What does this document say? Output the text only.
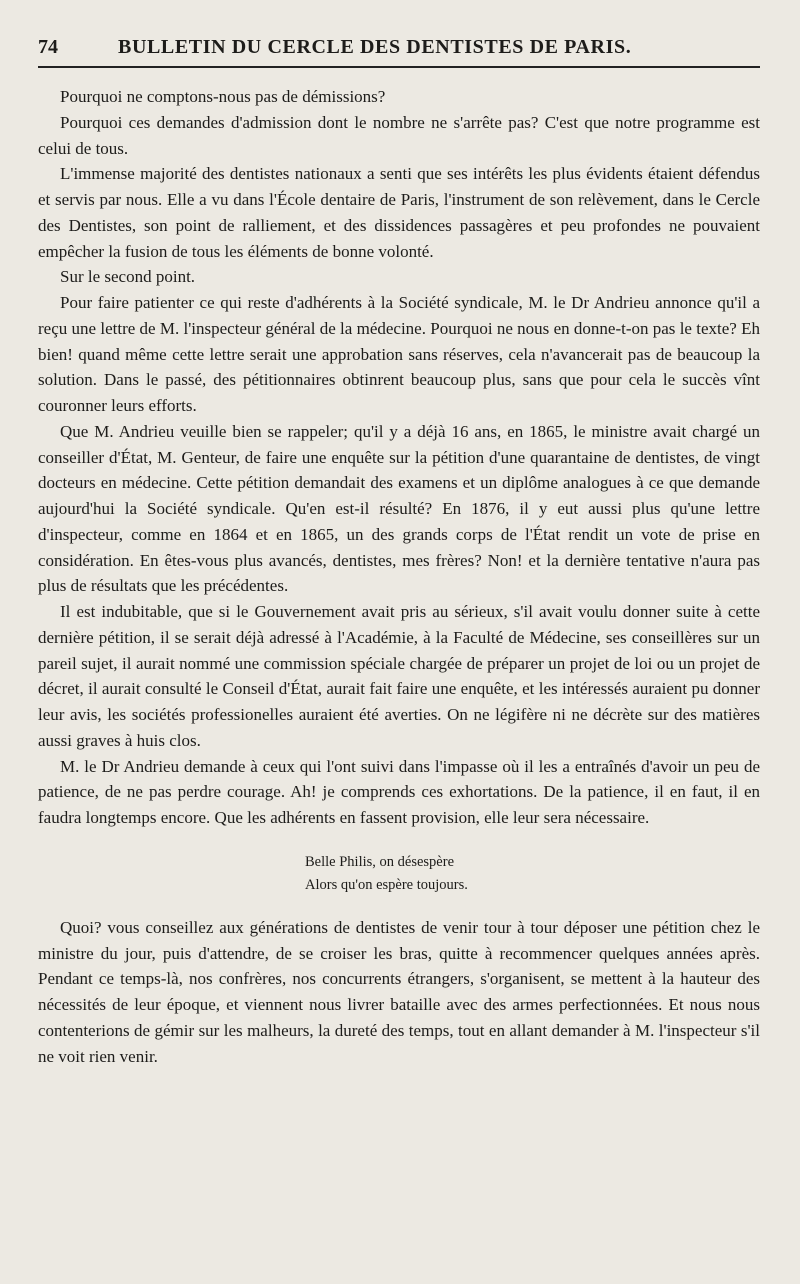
74	BULLETIN DU CERCLE DES DENTISTES DE PARIS.

Pourquoi ne comptons-nous pas de démissions?

Pourquoi ces demandes d'admission dont le nombre ne s'arrête pas? C'est que notre programme est celui de tous.

L'immense majorité des dentistes nationaux a senti que ses intérêts les plus évidents étaient défendus et servis par nous. Elle a vu dans l'École dentaire de Paris, l'instrument de son relèvement, dans le Cercle des Dentistes, son point de ralliement, et des dissidences passagères et peu profondes ne pouvaient empêcher la fusion de tous les éléments de bonne volonté.

Sur le second point.

Pour faire patienter ce qui reste d'adhérents à la Société syndicale, M. le Dr Andrieu annonce qu'il a reçu une lettre de M. l'inspecteur général de la médecine. Pourquoi ne nous en donne-t-on pas le texte? Eh bien! quand même cette lettre serait une approbation sans réserves, cela n'avancerait pas de beaucoup la solution. Dans le passé, des pétitionnaires obtinrent beaucoup plus, sans que pour cela le succès vînt couronner leurs efforts.

Que M. Andrieu veuille bien se rappeler; qu'il y a déjà 16 ans, en 1865, le ministre avait chargé un conseiller d'État, M. Genteur, de faire une enquête sur la pétition d'une quarantaine de dentistes, de vingt docteurs en médecine. Cette pétition demandait des examens et un diplôme analogues à ce que demande aujourd'hui la Société syndicale. Qu'en est-il résulté? En 1876, il y eut aussi plus qu'une lettre d'inspecteur, comme en 1864 et en 1865, un des grands corps de l'État rendit un vote de prise en considération. En êtes-vous plus avancés, dentistes, mes frères? Non! et la dernière tentative n'aura pas plus de résultats que les précédentes.

Il est indubitable, que si le Gouvernement avait pris au sérieux, s'il avait voulu donner suite à cette dernière pétition, il se serait déjà adressé à l'Académie, à la Faculté de Médecine, ses conseillères sur un pareil sujet, il aurait nommé une commission spéciale chargée de préparer un projet de loi ou un projet de décret, il aurait consulté le Conseil d'État, aurait fait faire une enquête, et les intéressés auraient pu donner leur avis, les sociétés professionelles auraient été averties. On ne légifère ni ne décrète sur des matières aussi graves à huis clos.

M. le Dr Andrieu demande à ceux qui l'ont suivi dans l'impasse où il les a entraînés d'avoir un peu de patience, de ne pas perdre courage. Ah! je comprends ces exhortations. De la patience, il en faut, il en faudra longtemps encore. Que les adhérents en fassent provision, elle leur sera nécessaire.

Belle Philis, on désespère
Alors qu'on espère toujours.

Quoi? vous conseillez aux générations de dentistes de venir tour à tour déposer une pétition chez le ministre du jour, puis d'attendre, de se croiser les bras, quitte à recommencer quelques années après. Pendant ce temps-là, nos confrères, nos concurrents étrangers, s'organisent, se mettent à la hauteur des nécessités de leur époque, et viennent nous livrer bataille avec des armes perfectionnées. Et nous nous contenterions de gémir sur les malheurs, la dureté des temps, tout en allant demander à M. l'inspecteur s'il ne voit rien venir.
